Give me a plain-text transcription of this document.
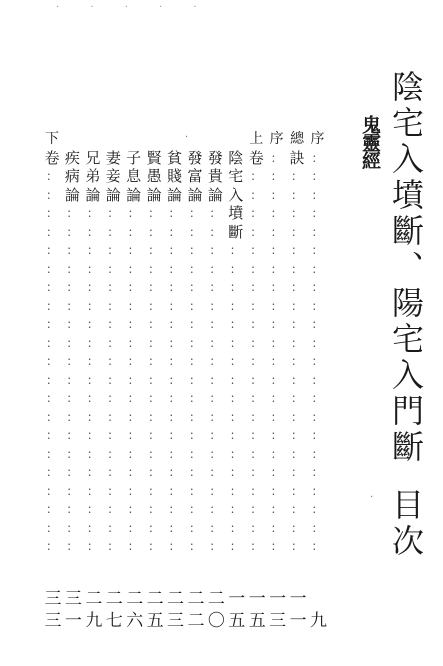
· · · · ·
陰宅入墳斷、陽宅入門斷目次
鬼靈經
下	上 序 總 序
卷 疾 兄 妻 子 賢 貧 發 發 陰 卷 ： 訣 ：
： 病 弟 妾 息 愚 賤 富 貴 宅 ： ： ： ：
： 論 論 論 論 論 論 論 論 入 ： ： ： ：
： ： ： ： ： ： ： ： ： 墳 ： ： ： ：
： ： ： ： ： ： ： ： ： 斷 ： ： ： ：
： ： ： ： ： ： ： ： ： ： ： ： ： ：
： ： ： ： ： ： ： ： ： ： ： ： ： ：
： ： ： ： ： ： ： ： ： ： ： ： ： ：
： ： ： ： ： ： ： ： ： ： ： ： ： ：
： ： ： ： ： ： ： ： ： ： ： ： ： ：
： ： ： ： ： ： ： ： ： ： ： ： ： ：
： ： ： ： ： ： ： ： ： ： ： ： ： ：
： ： ： ： ： ： ： ： ： ： ： ： ： ：
： ： ： ： ： ： ： ： ： ： ： ： ： ：
： ： ： ： ： ： ： ： ： ： ： ： ： ：
： ： ： ： ： ： ： ： ： ： ： ： ： ：
： ： ： ： ： ： ： ： ： ： ： ： ： ：
： ： ： ： ： ： ： ： ： ： ： ： ： ：
： ： ： ： ： ： ： ： ： ： ： ： ： ：
： ： ： ： ： ： ： ： ： ： ： ： ： ：
： ： ： ： ： ： ： ： ： ： ： ： ： ：
： ： ： ： ： ： ： ： ： ： ： ： ： ：
三 三 二 二 二 二 二 二 二 一 一 一 一
三 一 九 七 六 五 三 二 〇 五 五 三 一 九
·
·
